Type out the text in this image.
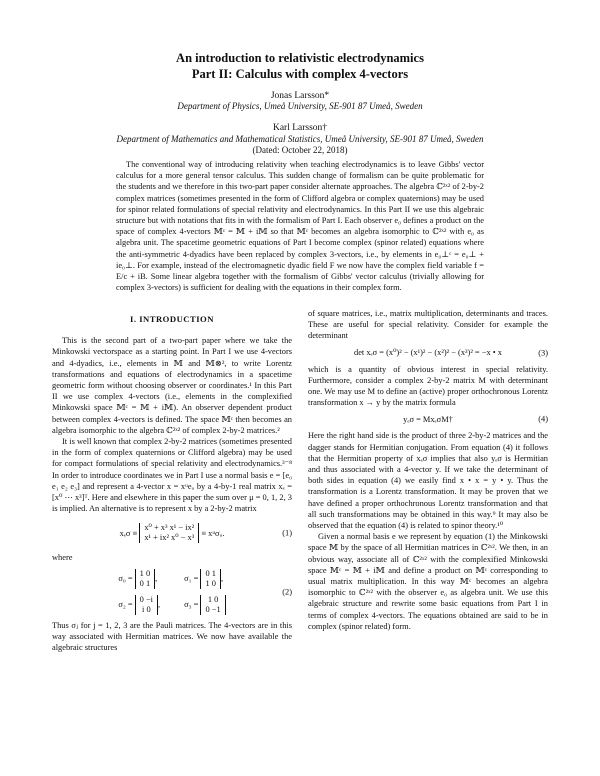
An introduction to relativistic electrodynamics
Part II: Calculus with complex 4-vectors
Jonas Larsson*
Department of Physics, Umeå University, SE-901 87 Umeå, Sweden
Karl Larsson†
Department of Mathematics and Mathematical Statistics, Umeå University, SE-901 87 Umeå, Sweden
(Dated: October 22, 2018)

The conventional way of introducing relativity when teaching electrodynamics is to leave Gibbs' vector calculus for a more general tensor calculus. This sudden change of formalism can be quite problematic for the students and we therefore in this two-part paper consider alternate approaches. The algebra ℂ²ˣ² of 2-by-2 complex matrices (sometimes presented in the form of Clifford algebra or complex quaternions) may be used for spinor related formulations of special relativity and electrodynamics. In this Part II we use this algebraic structure but with notations that fits in with the formalism of Part I. Each observer e₀ defines a product on the space of complex 4-vectors 𝕄ᶜ = 𝕄 + i𝕄 so that 𝕄ᶜ becomes an algebra isomorphic to ℂ²ˣ² with e₀ as algebra unit. The spacetime geometric equations of Part I become complex (spinor related) equations where the anti-symmetric 4-dyadics have been replaced by complex 3-vectors, i.e., by elements in e₀⊥ᶜ = e₀⊥ + ie₀⊥. For example, instead of the electromagnetic dyadic field F we now have the complex field variable f = E/c + iB. Some linear algebra together with the formalism of Gibbs' vector calculus (trivially allowing for complex 3-vectors) is sufficient for dealing with the equations in their complex form.

I. INTRODUCTION

This is the second part of a two-part paper where we take the Minkowski vectorspace as a starting point. In Part I we use 4-vectors and 4-dyadics, i.e., elements in 𝕄 and 𝕄⊗², to write Lorentz transformations and equations of electrodynamics in a spacetime geometric form without choosing observer or coordinates.¹ In this Part II we use complex 4-vectors (i.e., elements in the complexified Minkowski space 𝕄ᶜ = 𝕄 + i𝕄). An observer dependent product between complex 4-vectors is defined. The space 𝕄ᶜ then becomes an algebra isomorphic to the algebra ℂ²ˣ² of complex 2-by-2 matrices.²

It is well known that complex 2-by-2 matrices (sometimes presented in the form of complex quaternions or Clifford algebra) may be used for compact formulations of special relativity and electrodynamics.³⁻⁸ In order to introduce coordinates we in Part I use a normal basis e = [e₀ e₁ e₂ e₃] and represent a 4-vector x = xᵘeᵤ by a 4-by-1 real matrix xₑ = [x⁰ ⋯ x³]ᵀ. Here and elsewhere in this paper the sum over μ = 0, 1, 2, 3 is implied. An alternative is to represent x by a 2-by-2 matrix

xₑσ ≡

x⁰ + x³ x¹ − ix²
x¹ + ix² x⁰ − x³

≡ xᵘσᵤ.	(1)

where

σ₀ =
1 0
0 1
,	σ₁ =
0 1
1 0
,
σ₂ =
0 −i
i 0
,	σ₃ =
1 0
0 −1
(2)

Thus σⱼ for j = 1, 2, 3 are the Pauli matrices. The 4-vectors are in this way associated with Hermitian matrices. We now have available the algebraic structures

of square matrices, i.e., matrix multiplication, determinants and traces. These are useful for special relativity. Consider for example the determinant

det xₑσ = (x⁰)² − (x¹)² − (x²)² − (x³)² = −x • x	(3)

which is a quantity of obvious interest in special relativity. Furthermore, consider a complex 2-by-2 matrix M with determinant one. We may use M to define an (active) proper orthochronous Lorentz transformation x → y by the matrix formula

yₑσ = MxₑσM†	(4)

Here the right hand side is the product of three 2-by-2 matrices and the dagger stands for Hermitian conjugation. From equation (4) it follows that the Hermitian property of xₑσ implies that also yₑσ is Hermitian and thus associated with a 4-vector y. If we take the determinant of both sides in equation (4) we easily find x • x = y • y. Thus the transformation is a Lorentz transformation. It may be proven that we have defined a proper orthochronous Lorentz transformation and that all such transformations may be obtained in this way.⁹ It may also be observed that the equation (4) is related to spinor theory.¹⁰

Given a normal basis e we represent by equation (1) the Minkowski space 𝕄 by the space of all Hermitian matrices in ℂ²ˣ². We then, in an obvious way, associate all of ℂ²ˣ² with the complexified Minkowski space 𝕄ᶜ = 𝕄 + i𝕄 and define a product on 𝕄ᶜ corresponding to usual matrix multiplication. In this way 𝕄ᶜ becomes an algebra isomorphic to ℂ²ˣ² with the observer e₀ as algebra unit. We use this algebraic structure and rewrite some basic equations from Part I in terms of complex 4-vectors. The equations obtained are said to be in complex (spinor related) form.
